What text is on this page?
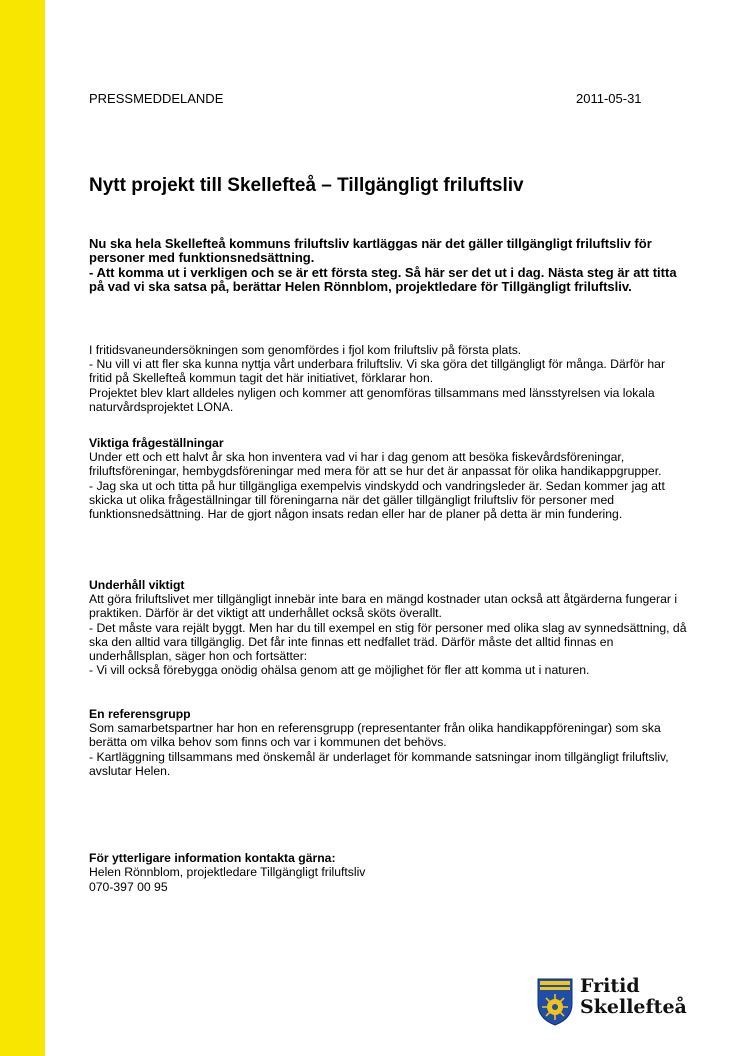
PRESSMEDDELANDE	2011-05-31
Nytt projekt till Skellefteå – Tillgängligt friluftsliv

Nu ska hela Skellefteå kommuns friluftsliv kartläggas när det gäller tillgängligt friluftsliv för personer med funktionsnedsättning.

- Att komma ut i verkligen och se är ett första steg. Så här ser det ut i dag. Nästa steg är att titta på vad vi ska satsa på, berättar Helen Rönnblom, projektledare för Tillgängligt friluftsliv.

I fritidsvaneundersökningen som genomfördes i fjol kom friluftsliv på första plats.

- Nu vill vi att fler ska kunna nyttja vårt underbara friluftsliv. Vi ska göra det tillgängligt för många. Därför har fritid på Skellefteå kommun tagit det här initiativet, förklarar hon.

Projektet blev klart alldeles nyligen och kommer att genomföras tillsammans med länsstyrelsen via lokala naturvårdsprojektet LONA.

Viktiga frågeställningar

Under ett och ett halvt år ska hon inventera vad vi har i dag genom att besöka fiskevårdsföreningar, friluftsföreningar, hembygdsföreningar med mera för att se hur det är anpassat för olika handikappgrupper.

- Jag ska ut och titta på hur tillgängliga exempelvis vindskydd och vandringsleder är. Sedan kommer jag att skicka ut olika frågeställningar till föreningarna när det gäller tillgängligt friluftsliv för personer med funktionsnedsättning. Har de gjort någon insats redan eller har de planer på detta är min fundering.

Underhåll viktigt

Att göra friluftslivet mer tillgängligt innebär inte bara en mängd kostnader utan också att åtgärderna fungerar i praktiken. Därför är det viktigt att underhållet också sköts överallt.

- Det måste vara rejält byggt. Men har du till exempel en stig för personer med olika slag av synnedsättning, då ska den alltid vara tillgänglig. Det får inte finnas ett nedfallet träd. Därför måste det alltid finnas en underhållsplan, säger hon och fortsätter:

- Vi vill också förebygga onödig ohälsa genom att ge möjlighet för fler att komma ut i naturen.

En referensgrupp

Som samarbetspartner har hon en referensgrupp (representanter från olika handikappföreningar) som ska berätta om vilka behov som finns och var i kommunen det behövs.

- Kartläggning tillsammans med önskemål är underlaget för kommande satsningar inom tillgängligt friluftsliv, avslutar Helen.

För ytterligare information kontakta gärna:
Helen Rönnblom, projektledare Tillgängligt friluftsliv
070-397 00 95
Fritid
Skellefteå
